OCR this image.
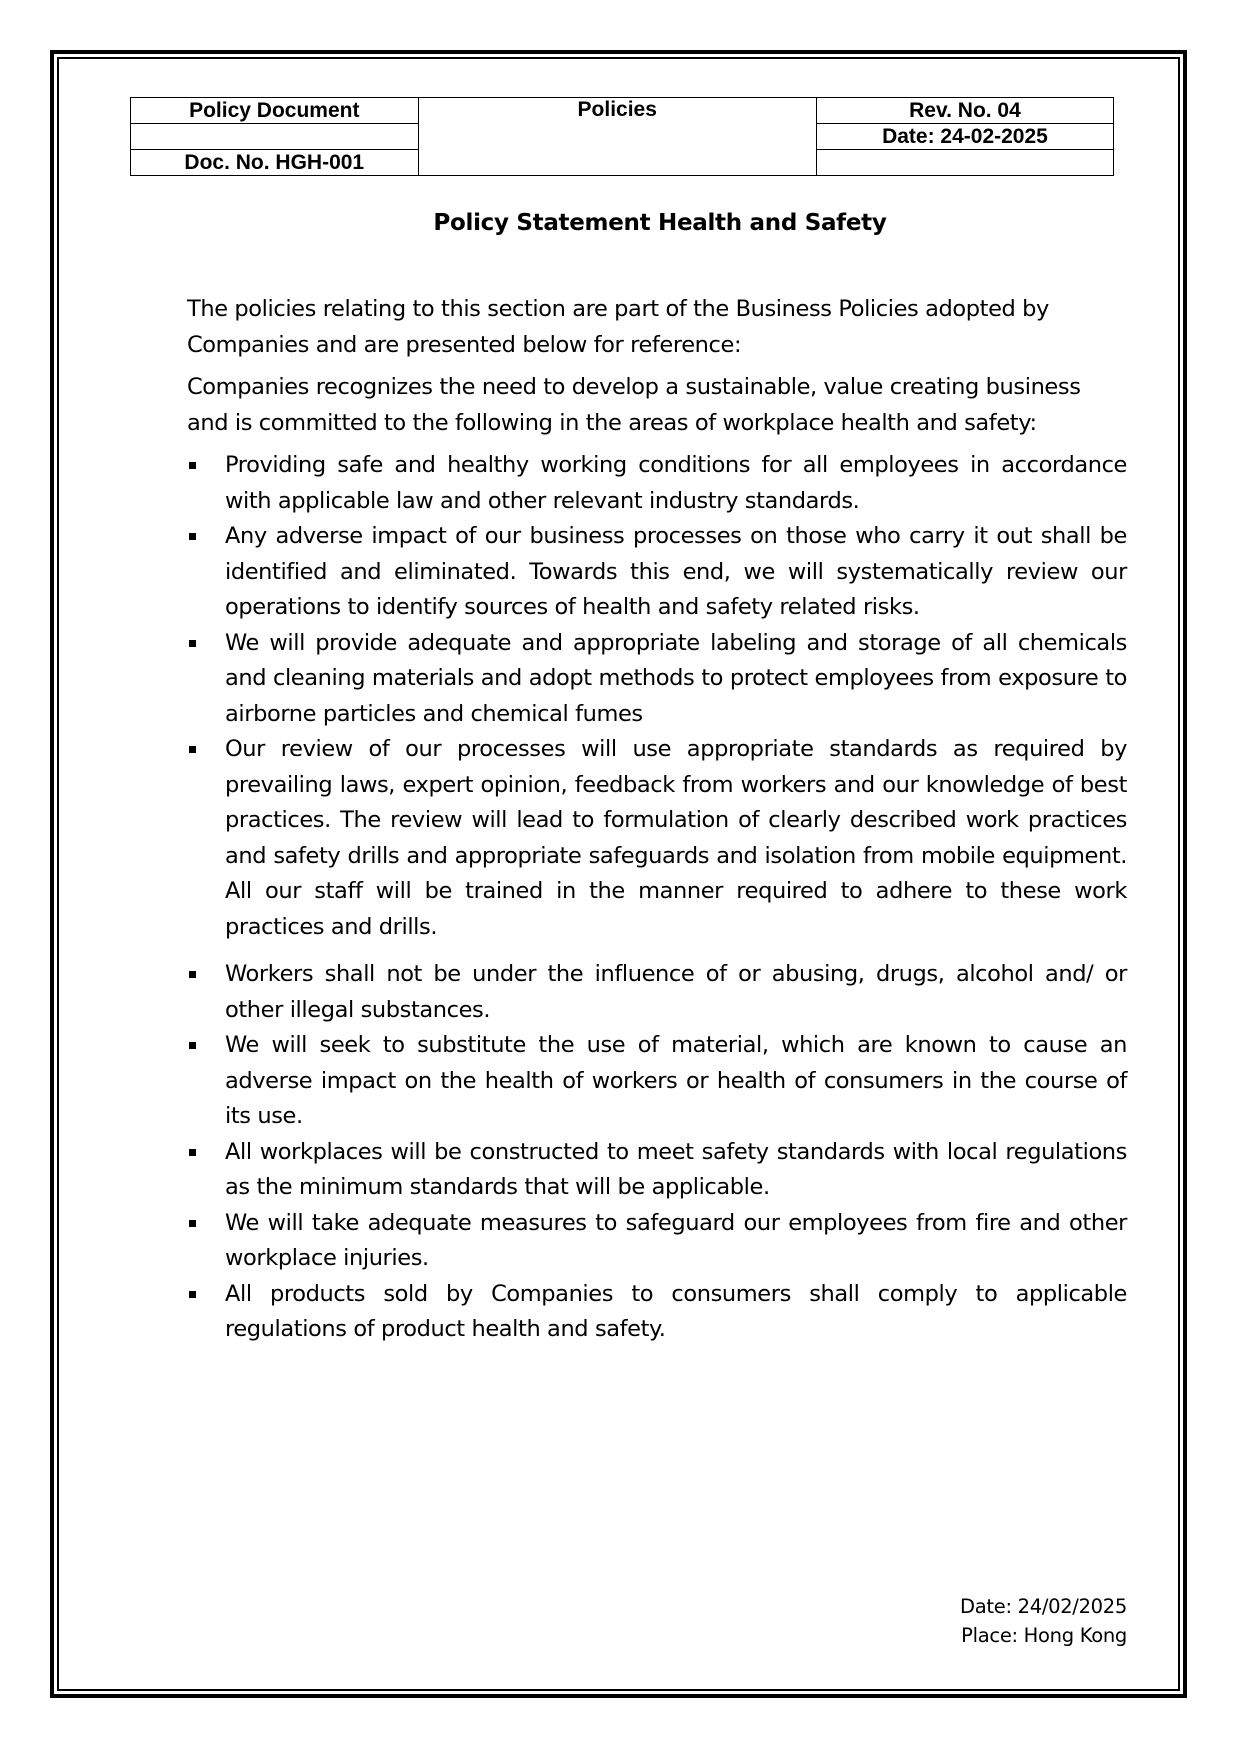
Policy Document	Policies	Rev. No. 04
		Date: 24-02-2025
Doc. No. HGH-001		
Policy Statement Health and Safety

The policies relating to this section are part of the Business Policies adopted by Companies and are presented below for reference:

Companies recognizes the need to develop a sustainable, value creating business and is committed to the following in the areas of workplace health and safety:

Providing safe and healthy working conditions for all employees in accordance with applicable law and other relevant industry standards.
Any adverse impact of our business processes on those who carry it out shall be identified and eliminated. Towards this end, we will systematically review our operations to identify sources of health and safety related risks.
We will provide adequate and appropriate labeling and storage of all chemicals and cleaning materials and adopt methods to protect employees from exposure to airborne particles and chemical fumes
Our review of our processes will use appropriate standards as required by prevailing laws, expert opinion, feedback from workers and our knowledge of best practices. The review will lead to formulation of clearly described work practices and safety drills and appropriate safeguards and isolation from mobile equipment. All our staff will be trained in the manner required to adhere to these work practices and drills.
Workers shall not be under the influence of or abusing, drugs, alcohol and/ or other illegal substances.
We will seek to substitute the use of material, which are known to cause an adverse impact on the health of workers or health of consumers in the course of its use.
All workplaces will be constructed to meet safety standards with local regulations as the minimum standards that will be applicable.
We will take adequate measures to safeguard our employees from fire and other workplace injuries.
All products sold by Companies to consumers shall comply to applicable regulations of product health and safety.
Date: 24/02/2025
Place: Hong Kong
